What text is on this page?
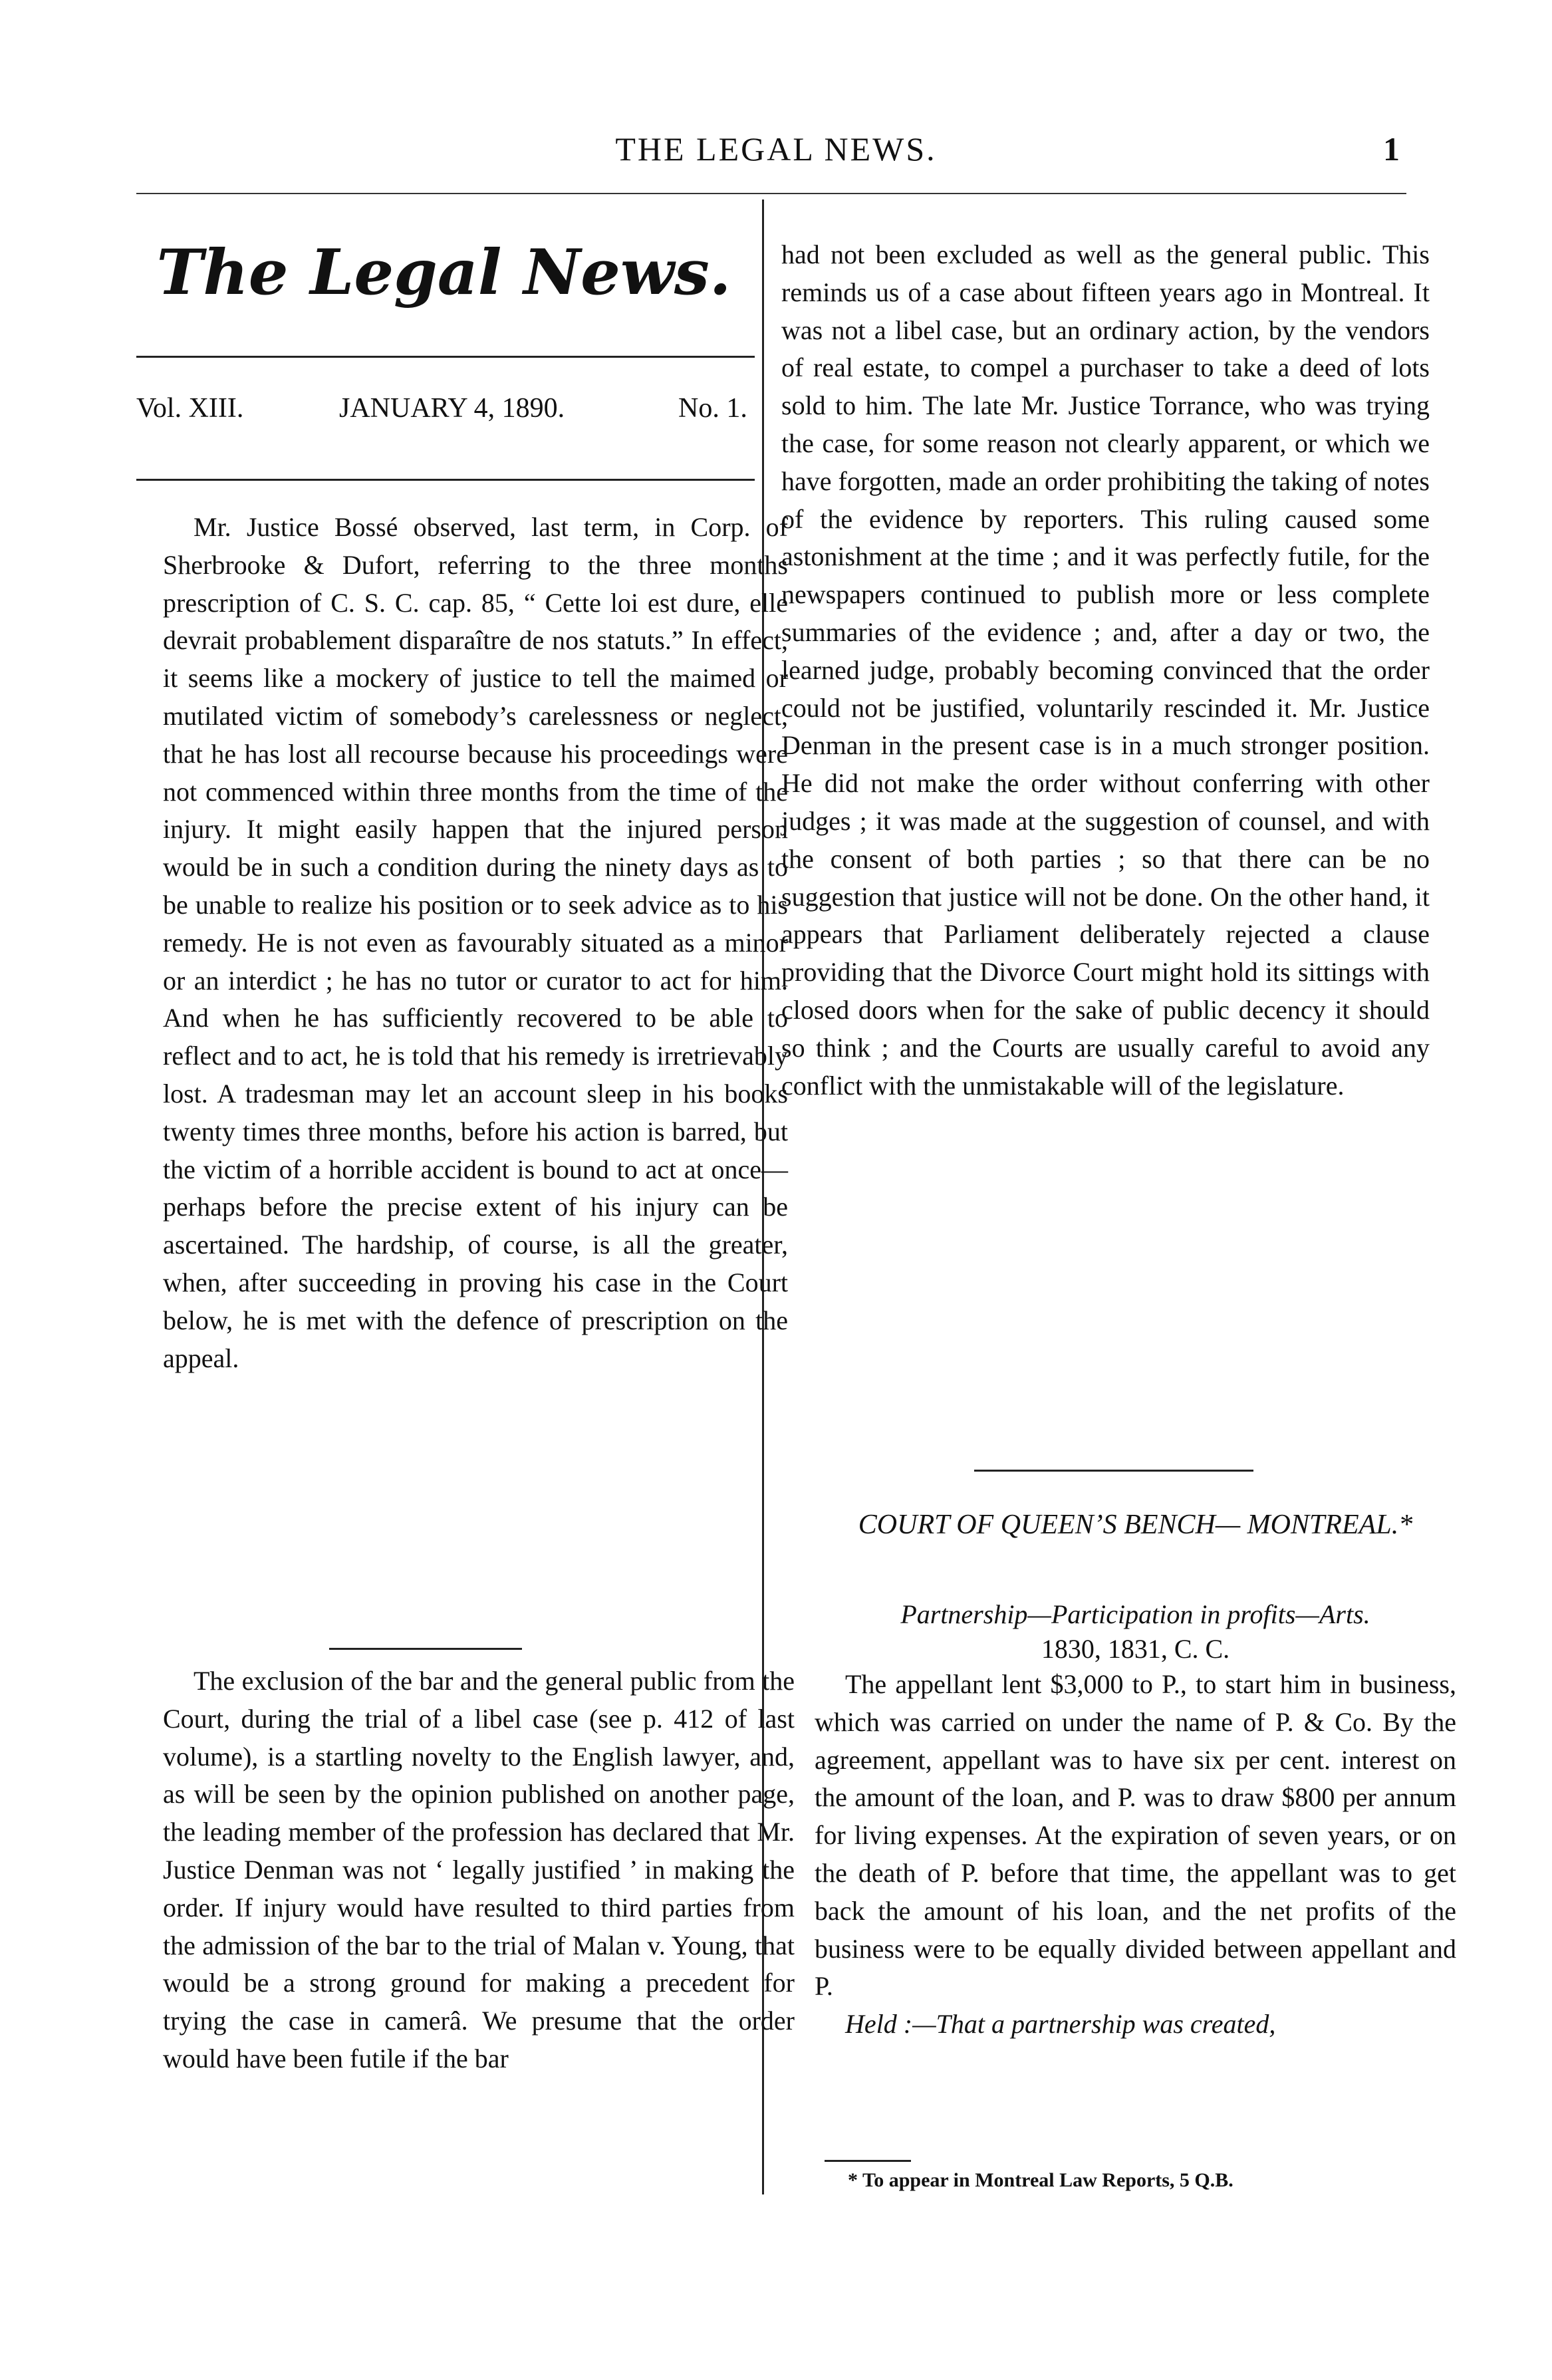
THE LEGAL NEWS.	1
The Legal News.
Vol. XIII.	JANUARY 4, 1890.	No. 1.

Mr. Justice Bossé observed, last term, in Corp. of Sherbrooke & Dufort, referring to the three months prescription of C. S. C. cap. 85, “ Cette loi est dure, elle devrait probablement disparaître de nos statuts.” In effect, it seems like a mockery of justice to tell the maimed or mutilated victim of somebody’s carelessness or neglect, that he has lost all recourse because his proceedings were not commenced within three months from the time of the injury. It might easily happen that the injured person would be in such a condition during the ninety days as to be unable to realize his position or to seek advice as to his remedy. He is not even as favourably situated as a minor or an interdict ; he has no tutor or curator to act for him. And when he has sufficiently recovered to be able to reflect and to act, he is told that his remedy is irretrievably lost. A tradesman may let an account sleep in his books twenty times three months, before his action is barred, but the victim of a horrible accident is bound to act at once—perhaps before the precise extent of his injury can be ascertained. The hardship, of course, is all the greater, when, after succeeding in proving his case in the Court below, he is met with the defence of prescription on the appeal.

The exclusion of the bar and the general public from the Court, during the trial of a libel case (see p. 412 of last volume), is a startling novelty to the English lawyer, and, as will be seen by the opinion published on another page, the leading member of the profession has declared that Mr. Justice Denman was not ‘ legally justified ’ in making the order. If injury would have resulted to third parties from the admission of the bar to the trial of Malan v. Young, that would be a strong ground for making a precedent for trying the case in camerâ. We presume that the order would have been futile if the bar

had not been excluded as well as the general public. This reminds us of a case about fifteen years ago in Montreal. It was not a libel case, but an ordinary action, by the vendors of real estate, to compel a purchaser to take a deed of lots sold to him. The late Mr. Justice Torrance, who was trying the case, for some reason not clearly apparent, or which we have forgotten, made an order prohibiting the taking of notes of the evidence by reporters. This ruling caused some astonishment at the time ; and it was perfectly futile, for the newspapers continued to publish more or less complete summaries of the evidence ; and, after a day or two, the learned judge, probably becoming convinced that the order could not be justified, voluntarily rescinded it. Mr. Justice Denman in the present case is in a much stronger position. He did not make the order without conferring with other judges ; it was made at the suggestion of counsel, and with the consent of both parties ; so that there can be no suggestion that justice will not be done. On the other hand, it appears that Parliament deliberately rejected a clause providing that the Divorce Court might hold its sittings with closed doors when for the sake of public decency it should so think ; and the Courts are usually careful to avoid any conflict with the unmistakable will of the legislature.

COURT OF QUEEN’S BENCH— MONTREAL.*
Partnership—Participation in profits—Arts.
1830, 1831, C. C.

The appellant lent $3,000 to P., to start him in business, which was carried on under the name of P. & Co. By the agreement, appellant was to have six per cent. interest on the amount of the loan, and P. was to draw $800 per annum for living expenses. At the expiration of seven years, or on the death of P. before that time, the appellant was to get back the amount of his loan, and the net profits of the business were to be equally divided between appellant and P.
Held :—That a partnership was created,

* To appear in Montreal Law Reports, 5 Q.B.
